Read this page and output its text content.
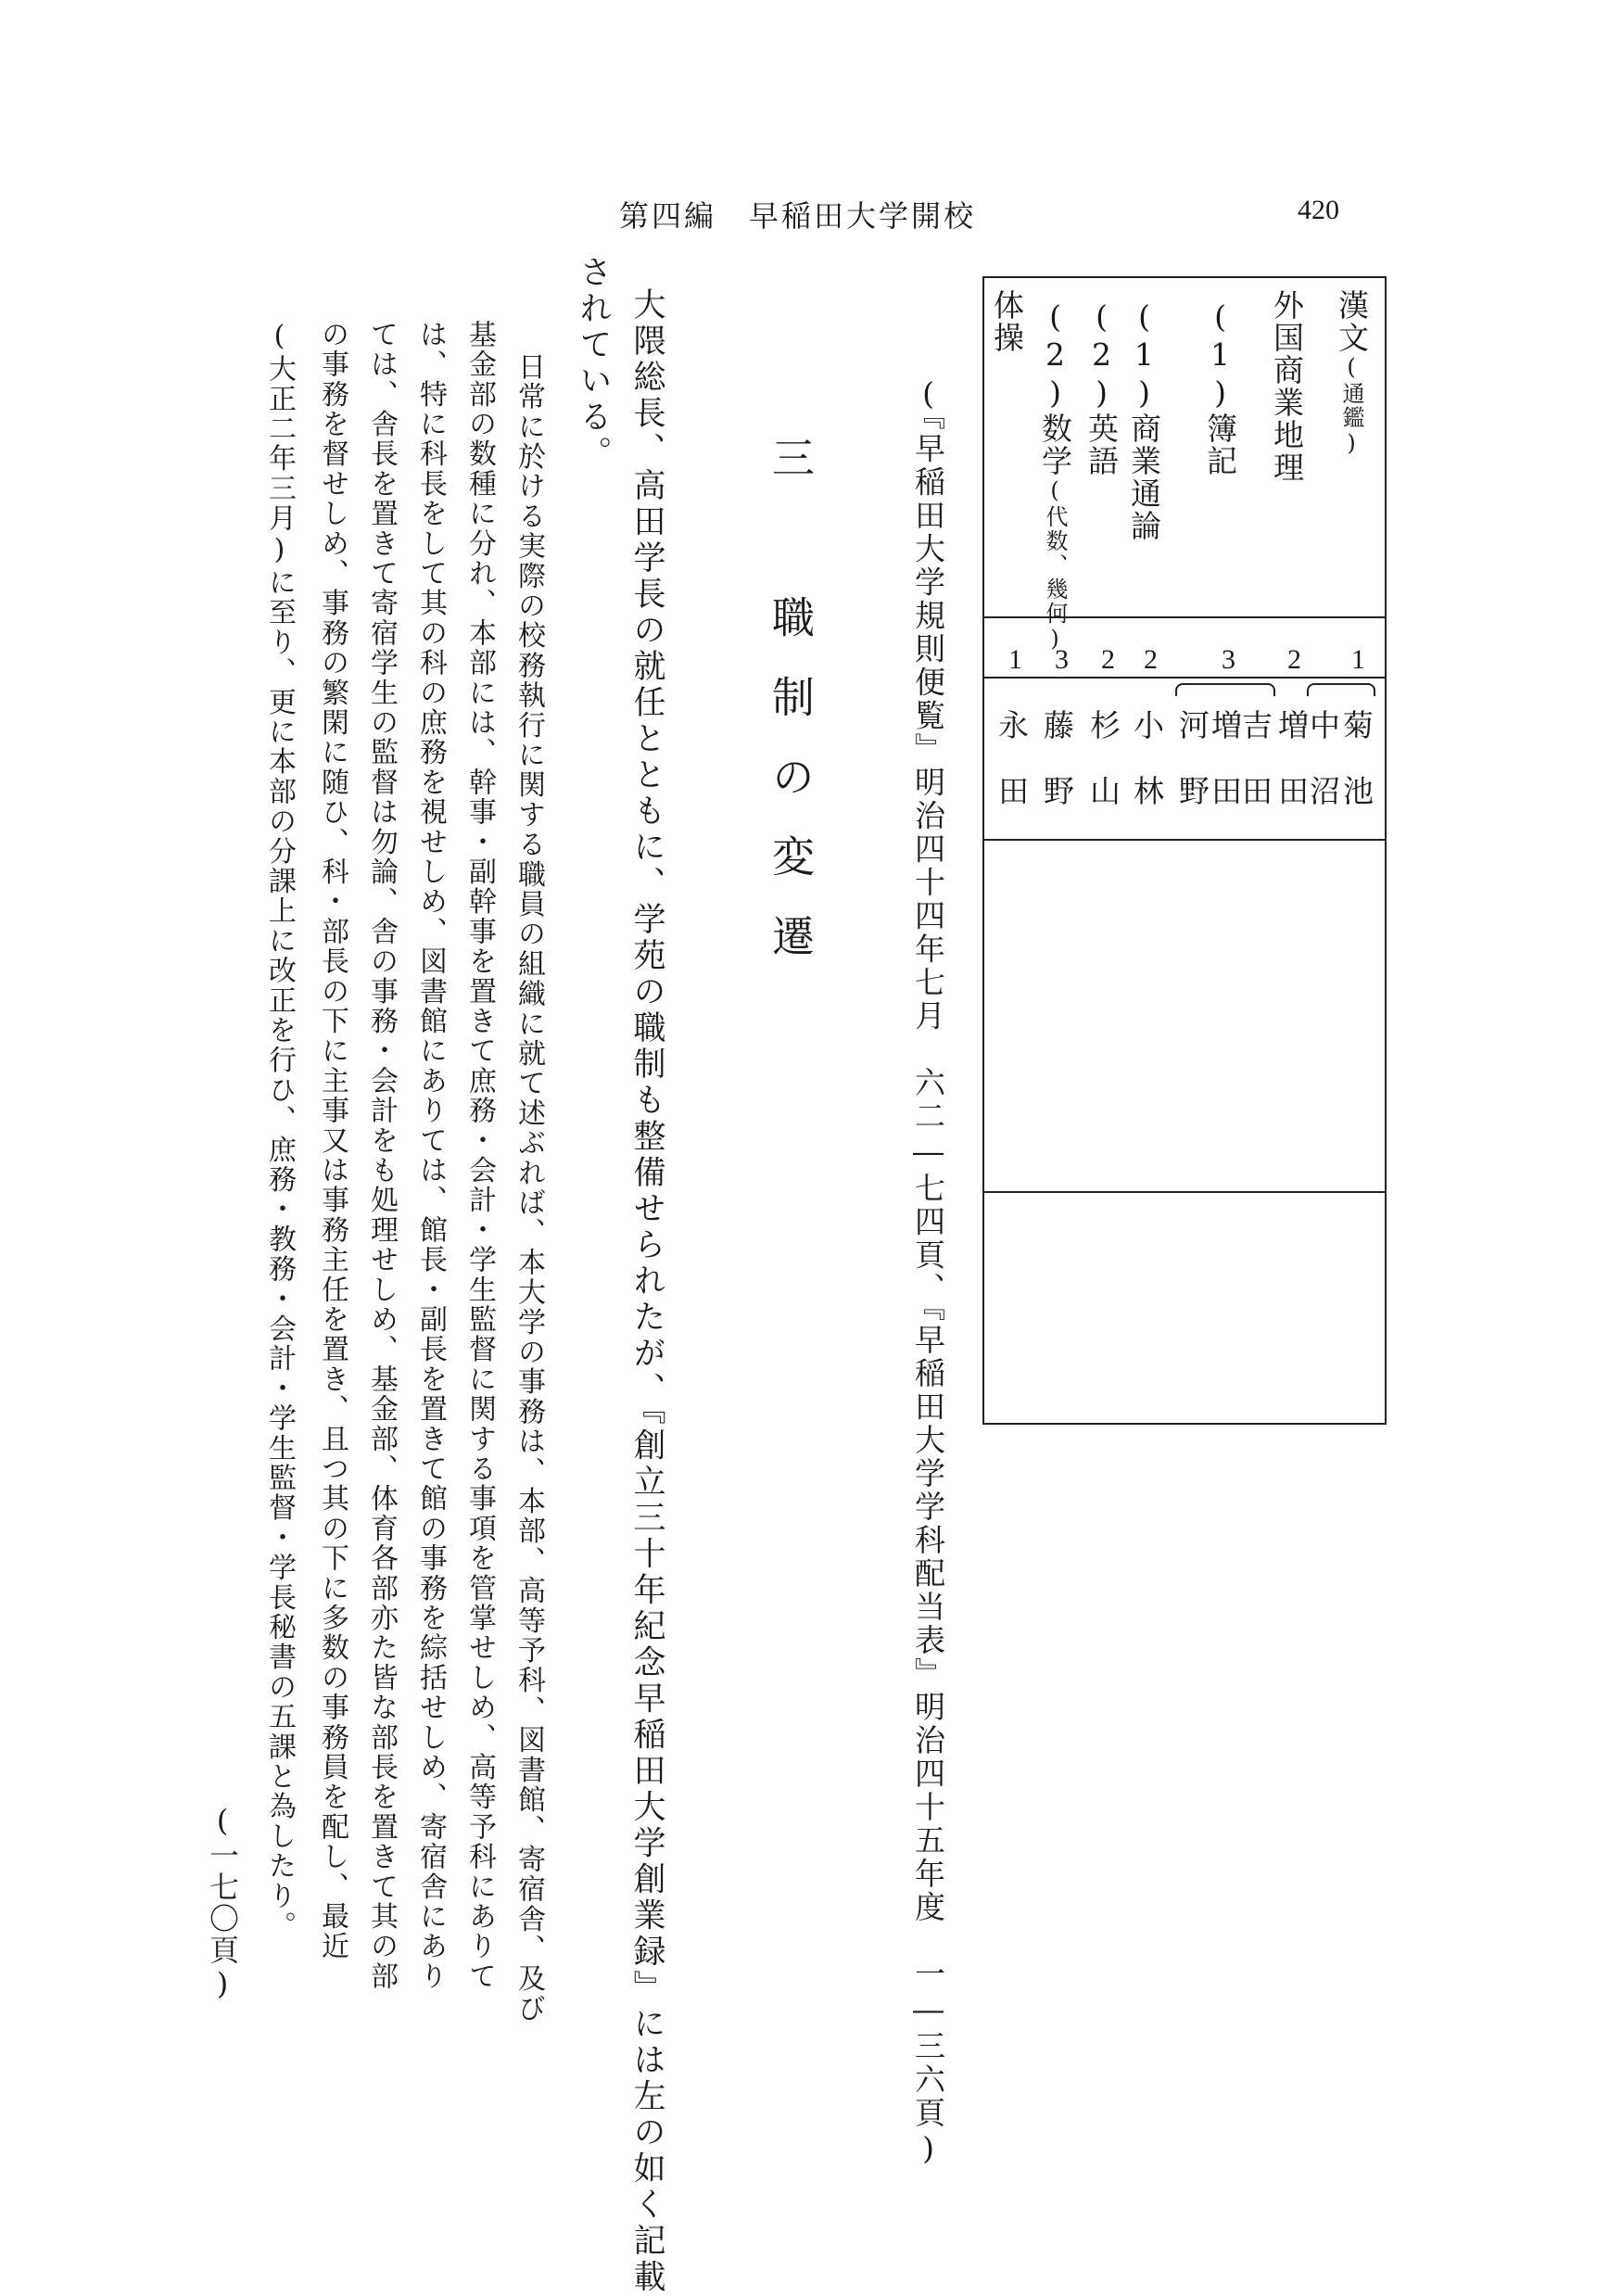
第四編　早稲田大学開校	420
漢文(通鑑)
1
菊池
中沼
外国商業地理
2
増田
(1)簿記
3
吉田
増田
河野
(1)商業通論
2
小林
(2)英語
2
杉山
(2)数学(代数、幾何)
3
藤野
体操
1
永田
(『早稲田大学規則便覧』明治四十四年七月　六二―七四頁、『早稲田大学学科配当表』明治四十五年度　一―三六頁)
三　職制の変遷
大隈総長、高田学長の就任とともに、学苑の職制も整備せられたが、『創立三十年紀念早稲田大学創業録』には左の如く記載
されている。
日常に於ける実際の校務執行に関する職員の組織に就て述ぶれば、本大学の事務は、本部、高等予科、図書館、寄宿舎、及び
基金部の数種に分れ、本部には、幹事・副幹事を置きて庶務・会計・学生監督に関する事項を管掌せしめ、高等予科にありて
は、特に科長をして其の科の庶務を視せしめ、図書館にありては、館長・副長を置きて館の事務を綜括せしめ、寄宿舎にあり
ては、舎長を置きて寄宿学生の監督は勿論、舎の事務・会計をも処理せしめ、基金部、体育各部亦た皆な部長を置きて其の部
の事務を督せしめ、事務の繁閑に随ひ、科・部長の下に主事又は事務主任を置き、且つ其の下に多数の事務員を配し、最近
(大正二年三月)に至り、更に本部の分課上に改正を行ひ、庶務・教務・会計・学生監督・学長秘書の五課と為したり。
(一七〇頁)
